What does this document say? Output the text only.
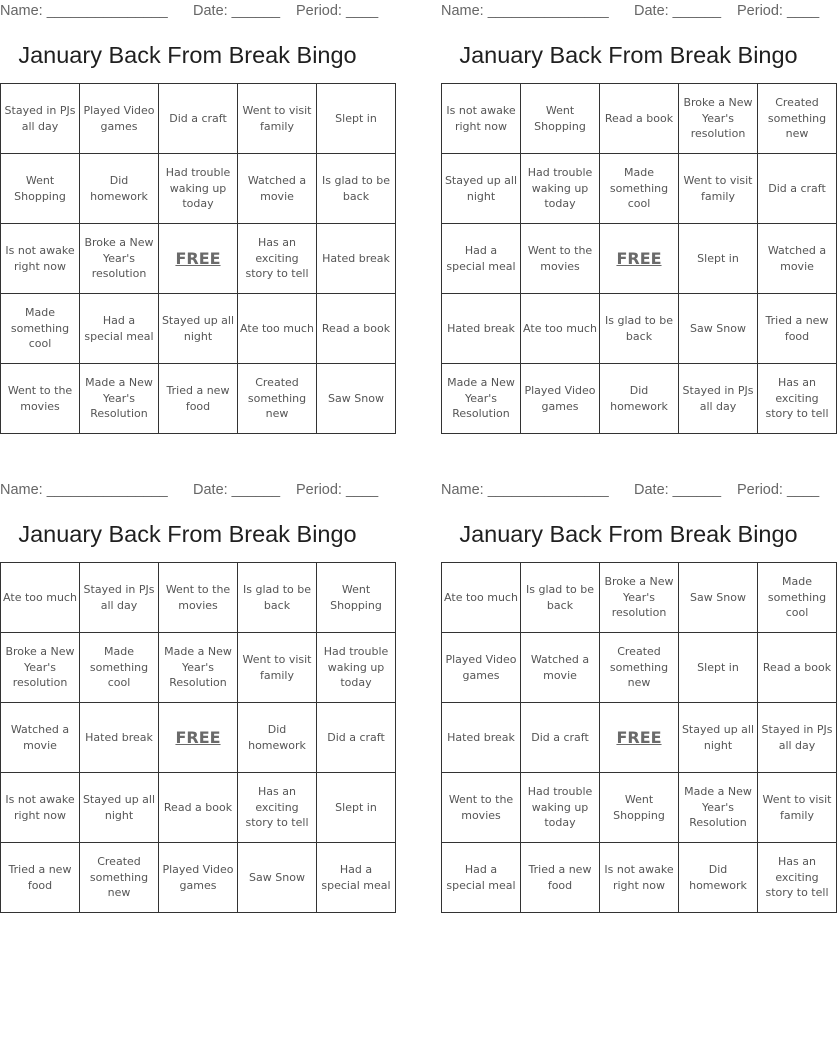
Name: _______________ Date: ______ Period: ____
January Back From Break Bingo
Stayed in PJs all day	Played Video games	Did a craft	Went to visit family	Slept in
Went Shopping	Did homework	Had trouble waking up today	Watched a movie	Is glad to be back
Is not awake right now	Broke a New Year's resolution	FREE	Has an exciting story to tell	Hated break
Made something cool	Had a special meal	Stayed up all night	Ate too much	Read a book
Went to the movies	Made a New Year's Resolution	Tried a new food	Created something new	Saw Snow
Name: _______________ Date: ______ Period: ____
January Back From Break Bingo
Is not awake right now	Went Shopping	Read a book	Broke a New Year's resolution	Created something new
Stayed up all night	Had trouble waking up today	Made something cool	Went to visit family	Did a craft
Had a special meal	Went to the movies	FREE	Slept in	Watched a movie
Hated break	Ate too much	Is glad to be back	Saw Snow	Tried a new food
Made a New Year's Resolution	Played Video games	Did homework	Stayed in PJs all day	Has an exciting story to tell
Name: _______________ Date: ______ Period: ____
January Back From Break Bingo
Ate too much	Stayed in PJs all day	Went to the movies	Is glad to be back	Went Shopping
Broke a New Year's resolution	Made something cool	Made a New Year's Resolution	Went to visit family	Had trouble waking up today
Watched a movie	Hated break	FREE	Did homework	Did a craft
Is not awake right now	Stayed up all night	Read a book	Has an exciting story to tell	Slept in
Tried a new food	Created something new	Played Video games	Saw Snow	Had a special meal
Name: _______________ Date: ______ Period: ____
January Back From Break Bingo
Ate too much	Is glad to be back	Broke a New Year's resolution	Saw Snow	Made something cool
Played Video games	Watched a movie	Created something new	Slept in	Read a book
Hated break	Did a craft	FREE	Stayed up all night	Stayed in PJs all day
Went to the movies	Had trouble waking up today	Went Shopping	Made a New Year's Resolution	Went to visit family
Had a special meal	Tried a new food	Is not awake right now	Did homework	Has an exciting story to tell
